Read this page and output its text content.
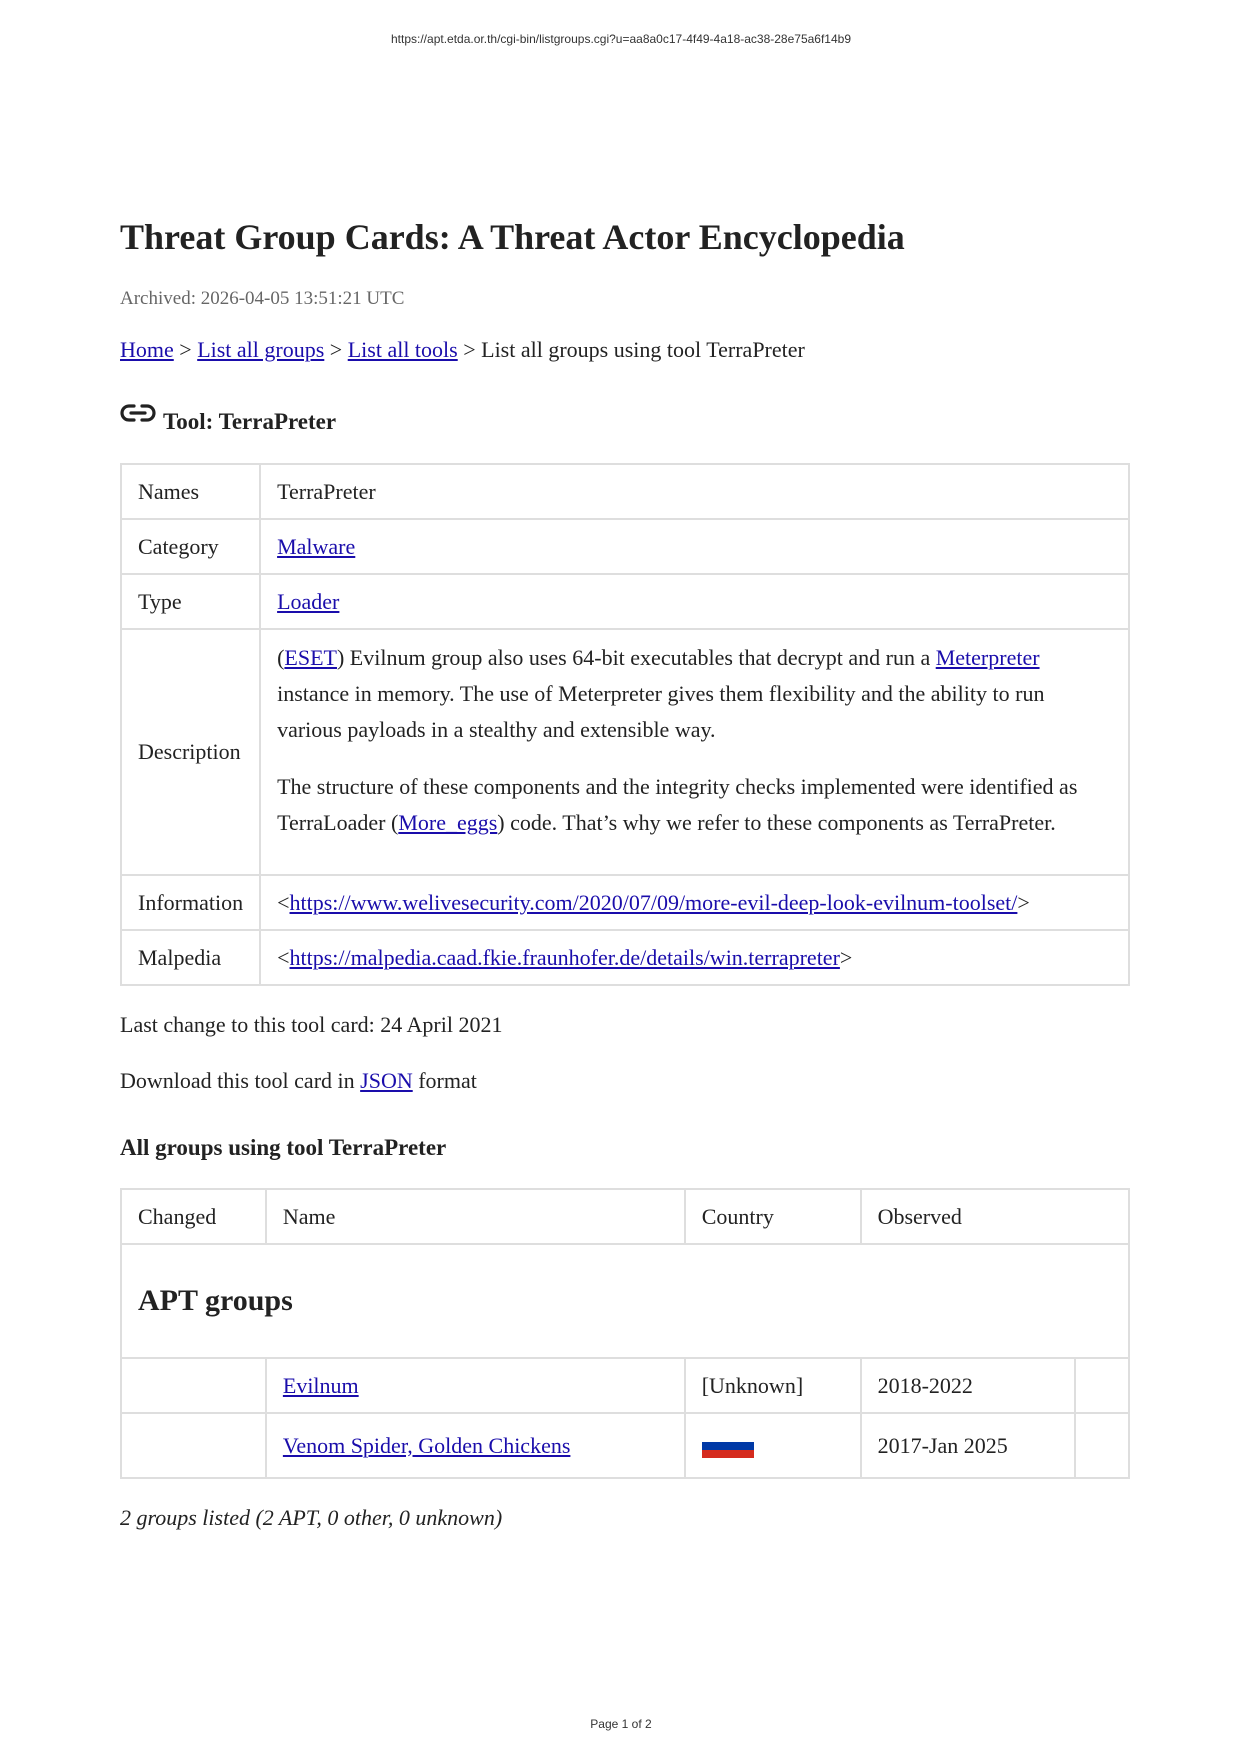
https://apt.etda.or.th/cgi-bin/listgroups.cgi?u=aa8a0c17-4f49-4a18-ac38-28e75a6f14b9
Threat Group Cards: A Threat Actor Encyclopedia
Archived: 2026-04-05 13:51:21 UTC
Home > List all groups > List all tools > List all groups using tool TerraPreter
Tool: TerraPreter
Names	TerraPreter
Category	Malware
Type	Loader
Description	(ESET) Evilnum group also uses 64-bit executables that decrypt and run a Meterpreter instance in memory. The use of Meterpreter gives them flexibility and the ability to run various payloads in a stealthy and extensible way.

The structure of these components and the integrity checks implemented were identified as TerraLoader (More_eggs) code. That’s why we refer to these components as TerraPreter.

Information	<https://www.welivesecurity.com/2020/07/09/more-evil-deep-look-evilnum-toolset/>
Malpedia	<https://malpedia.caad.fkie.fraunhofer.de/details/win.terrapreter>
Last change to this tool card: 24 April 2021
Download this tool card in JSON format
All groups using tool TerraPreter
Changed	Name	Country	Observed	
APT groups				
	Evilnum	[Unknown]	2018-2022	
	Venom Spider, Golden Chickens		2017-Jan 2025	
2 groups listed (2 APT, 0 other, 0 unknown)
Page 1 of 2
